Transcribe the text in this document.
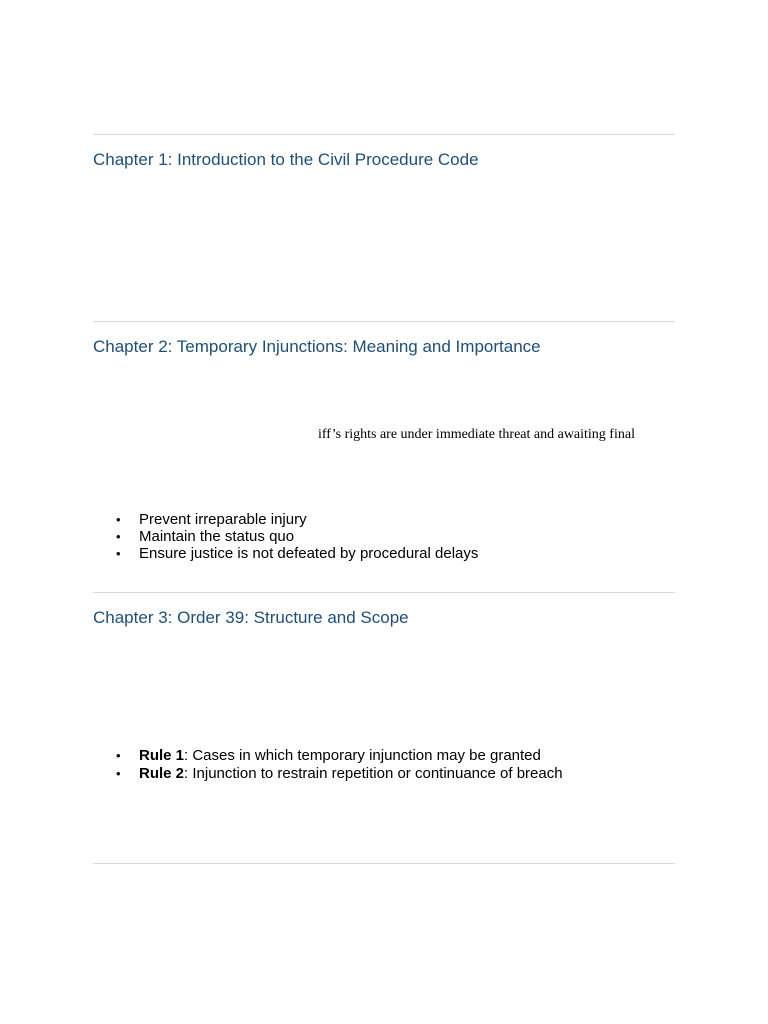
Chapter 1: Introduction to the Civil Procedure Code
Chapter 2: Temporary Injunctions: Meaning and Importance

iff’s rights are under immediate threat and awaiting final

• Prevent irreparable injury
• Maintain the status quo
• Ensure justice is not defeated by procedural delays
Chapter 3: Order 39: Structure and Scope
• Rule 1: Cases in which temporary injunction may be granted
• Rule 2: Injunction to restrain repetition or continuance of breach
